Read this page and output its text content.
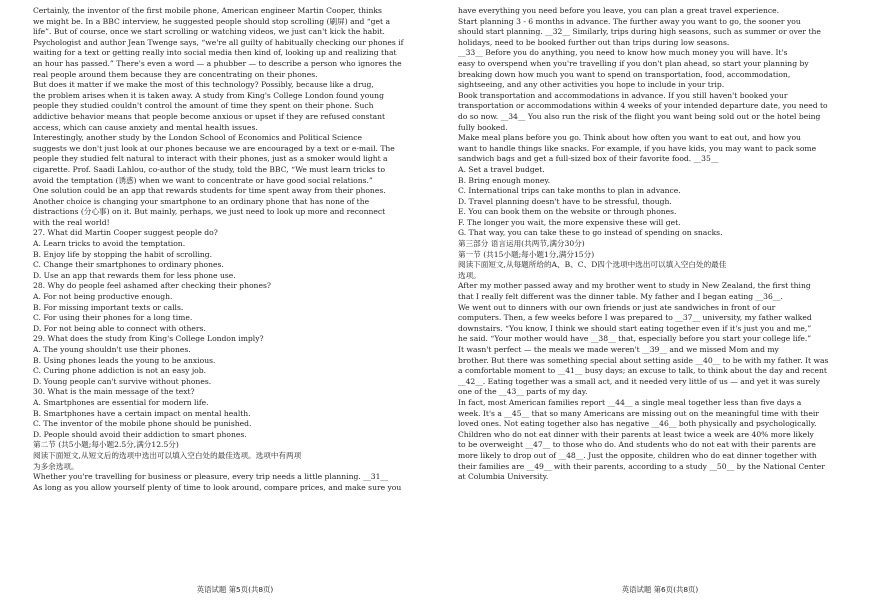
Certainly, the inventor of the first mobile phone, American engineer Martin Cooper, thinks
we might be. In a BBC interview, he suggested people should stop scrolling (刷屏) and “get a
life”. But of course, once we start scrolling or watching videos, we just can't kick the habit.
Psychologist and author Jean Twenge says, “we're all guilty of habitually checking our phones if
waiting for a text or getting really into social media then kind of, looking up and realizing that
an hour has passed.” There's even a word — a phubber — to describe a person who ignores the
real people around them because they are concentrating on their phones.
But does it matter if we make the most of this technology? Possibly, because like a drug,
the problem arises when it is taken away. A study from King's College London found young
people they studied couldn't control the amount of time they spent on their phone. Such
addictive behavior means that people become anxious or upset if they are refused constant
access, which can cause anxiety and mental health issues.
Interestingly, another study by the London School of Economics and Political Science
suggests we don't just look at our phones because we are encouraged by a text or e-mail. The
people they studied felt natural to interact with their phones, just as a smoker would light a
cigarette. Prof. Saadi Lahlou, co-author of the study, told the BBC, “We must learn tricks to
avoid the temptation (诱惑) when we want to concentrate or have good social relations.”
One solution could be an app that rewards students for time spent away from their phones.
Another choice is changing your smartphone to an ordinary phone that has none of the
distractions (分心事) on it. But mainly, perhaps, we just need to look up more and reconnect
with the real world!
27. What did Martin Cooper suggest people do?
A. Learn tricks to avoid the temptation.
B. Enjoy life by stopping the habit of scrolling.
C. Change their smartphones to ordinary phones.
D. Use an app that rewards them for less phone use.
28. Why do people feel ashamed after checking their phones?
A. For not being productive enough.
B. For missing important texts or calls.
C. For using their phones for a long time.
D. For not being able to connect with others.
29. What does the study from King's College London imply?
A. The young shouldn't use their phones.
B. Using phones leads the young to be anxious.
C. Curing phone addiction is not an easy job.
D. Young people can't survive without phones.
30. What is the main message of the text?
A. Smartphones are essential for modern life.
B. Smartphones have a certain impact on mental health.
C. The inventor of the mobile phone should be punished.
D. People should avoid their addiction to smart phones.
第二节 (共5小题;每小题2.5分,满分12.5分)
阅读下面短文,从短文后的选项中选出可以填入空白处的最佳选项。选项中有两项
为多余选项。
Whether you're travelling for business or pleasure, every trip needs a little planning. __31__
As long as you allow yourself plenty of time to look around, compare prices, and make sure you
have everything you need before you leave, you can plan a great travel experience.
Start planning 3 - 6 months in advance. The further away you want to go, the sooner you
should start planning. __32__ Similarly, trips during high seasons, such as summer or over the
holidays, need to be booked further out than trips during low seasons.
__33__ Before you do anything, you need to know how much money you will have. It's
easy to overspend when you're travelling if you don't plan ahead, so start your planning by
breaking down how much you want to spend on transportation, food, accommodation,
sightseeing, and any other activities you hope to include in your trip.
Book transportation and accommodations in advance. If you still haven't booked your
transportation or accommodations within 4 weeks of your intended departure date, you need to
do so now. __34__ You also run the risk of the flight you want being sold out or the hotel being
fully booked.
Make meal plans before you go. Think about how often you want to eat out, and how you
want to handle things like snacks. For example, if you have kids, you may want to pack some
sandwich bags and get a full-sized box of their favorite food. __35__
A. Set a travel budget.
B. Bring enough money.
C. International trips can take months to plan in advance.
D. Travel planning doesn't have to be stressful, though.
E. You can book them on the website or through phones.
F. The longer you wait, the more expensive these will get.
G. That way, you can take these to go instead of spending on snacks.
第三部分 语言运用(共两节,满分30分)
第一节 (共15小题;每小题1分,满分15分)
阅读下面短文,从每题所给的A、B、C、D四个选项中选出可以填入空白处的最佳
选项。
After my mother passed away and my brother went to study in New Zealand, the first thing
that I really felt different was the dinner table. My father and I began eating __36__.
We went out to dinners with our own friends or just ate sandwiches in front of our
computers. Then, a few weeks before I was prepared to __37__ university, my father walked
downstairs. “You know, I think we should start eating together even if it's just you and me,”
he said. “Your mother would have __38__ that, especially before you start your college life.”
It wasn't perfect — the meals we made weren't __39__ and we missed Mom and my
brother. But there was something special about setting aside __40__ to be with my father. It was
a comfortable moment to __41__ busy days; an excuse to talk, to think about the day and recent
__42__. Eating together was a small act, and it needed very little of us — and yet it was surely
one of the __43__ parts of my day.
In fact, most American families report __44__ a single meal together less than five days a
week. It's a __45__ that so many Americans are missing out on the meaningful time with their
loved ones. Not eating together also has negative __46__ both physically and psychologically.
Children who do not eat dinner with their parents at least twice a week are 40% more likely
to be overweight __47__ to those who do. And students who do not eat with their parents are
more likely to drop out of __48__. Just the opposite, children who do eat dinner together with
their families are __49__ with their parents, according to a study __50__ by the National Center
at Columbia University.
英语试题 第5页(共8页)	英语试题 第6页(共8页)
